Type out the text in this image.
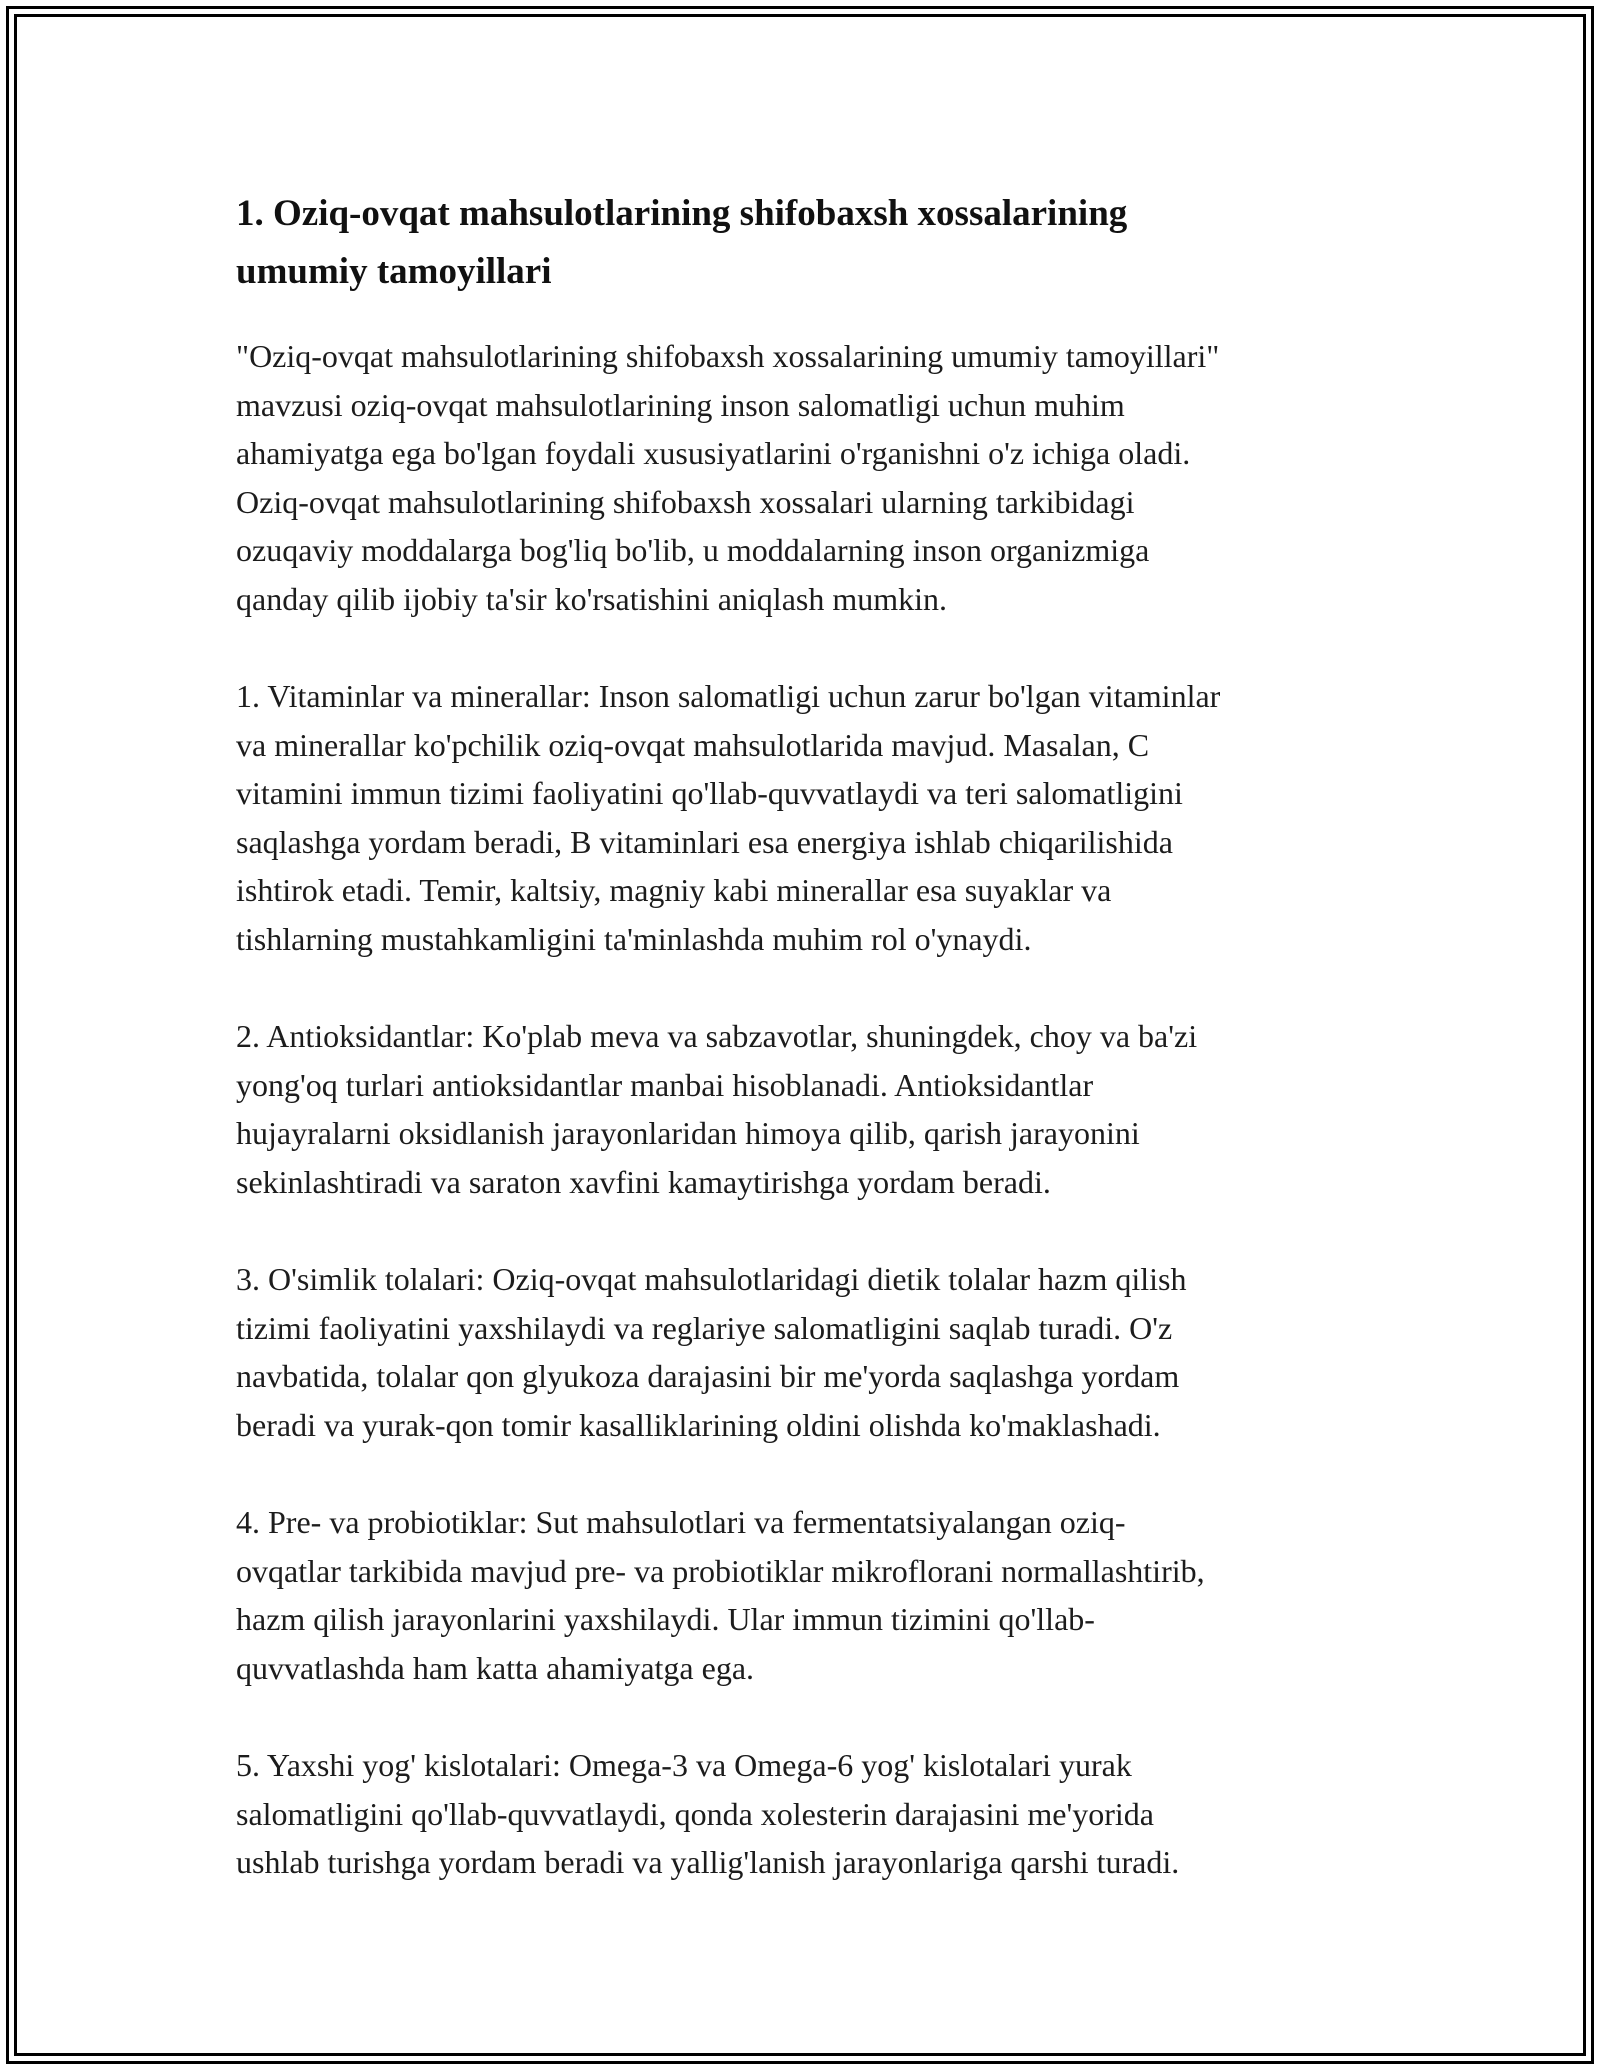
1. Oziq-ovqat mahsulotlarining shifobaxsh xossalarining
umumiy tamoyillari

"Oziq-ovqat mahsulotlarining shifobaxsh xossalarining umumiy tamoyillari"
mavzusi oziq-ovqat mahsulotlarining inson salomatligi uchun muhim
ahamiyatga ega bo'lgan foydali xususiyatlarini o'rganishni o'z ichiga oladi.
Oziq-ovqat mahsulotlarining shifobaxsh xossalari ularning tarkibidagi
ozuqaviy moddalarga bog'liq bo'lib, u moddalarning inson organizmiga
qanday qilib ijobiy ta'sir ko'rsatishini aniqlash mumkin.

1. Vitaminlar va minerallar: Inson salomatligi uchun zarur bo'lgan vitaminlar
va minerallar ko'pchilik oziq-ovqat mahsulotlarida mavjud. Masalan, C
vitamini immun tizimi faoliyatini qo'llab-quvvatlaydi va teri salomatligini
saqlashga yordam beradi, B vitaminlari esa energiya ishlab chiqarilishida
ishtirok etadi. Temir, kaltsiy, magniy kabi minerallar esa suyaklar va
tishlarning mustahkamligini ta'minlashda muhim rol o'ynaydi.

2. Antioksidantlar: Ko'plab meva va sabzavotlar, shuningdek, choy va ba'zi
yong'oq turlari antioksidantlar manbai hisoblanadi. Antioksidantlar
hujayralarni oksidlanish jarayonlaridan himoya qilib, qarish jarayonini
sekinlashtiradi va saraton xavfini kamaytirishga yordam beradi.

3. O'simlik tolalari: Oziq-ovqat mahsulotlaridagi dietik tolalar hazm qilish
tizimi faoliyatini yaxshilaydi va reglariye salomatligini saqlab turadi. O'z
navbatida, tolalar qon glyukoza darajasini bir me'yorda saqlashga yordam
beradi va yurak-qon tomir kasalliklarining oldini olishda ko'maklashadi.

4. Pre- va probiotiklar: Sut mahsulotlari va fermentatsiyalangan oziq-
ovqatlar tarkibida mavjud pre- va probiotiklar mikroflorani normallashtirib,
hazm qilish jarayonlarini yaxshilaydi. Ular immun tizimini qo'llab-
quvvatlashda ham katta ahamiyatga ega.

5. Yaxshi yog' kislotalari: Omega-3 va Omega-6 yog' kislotalari yurak
salomatligini qo'llab-quvvatlaydi, qonda xolesterin darajasini me'yorida
ushlab turishga yordam beradi va yallig'lanish jarayonlariga qarshi turadi.
